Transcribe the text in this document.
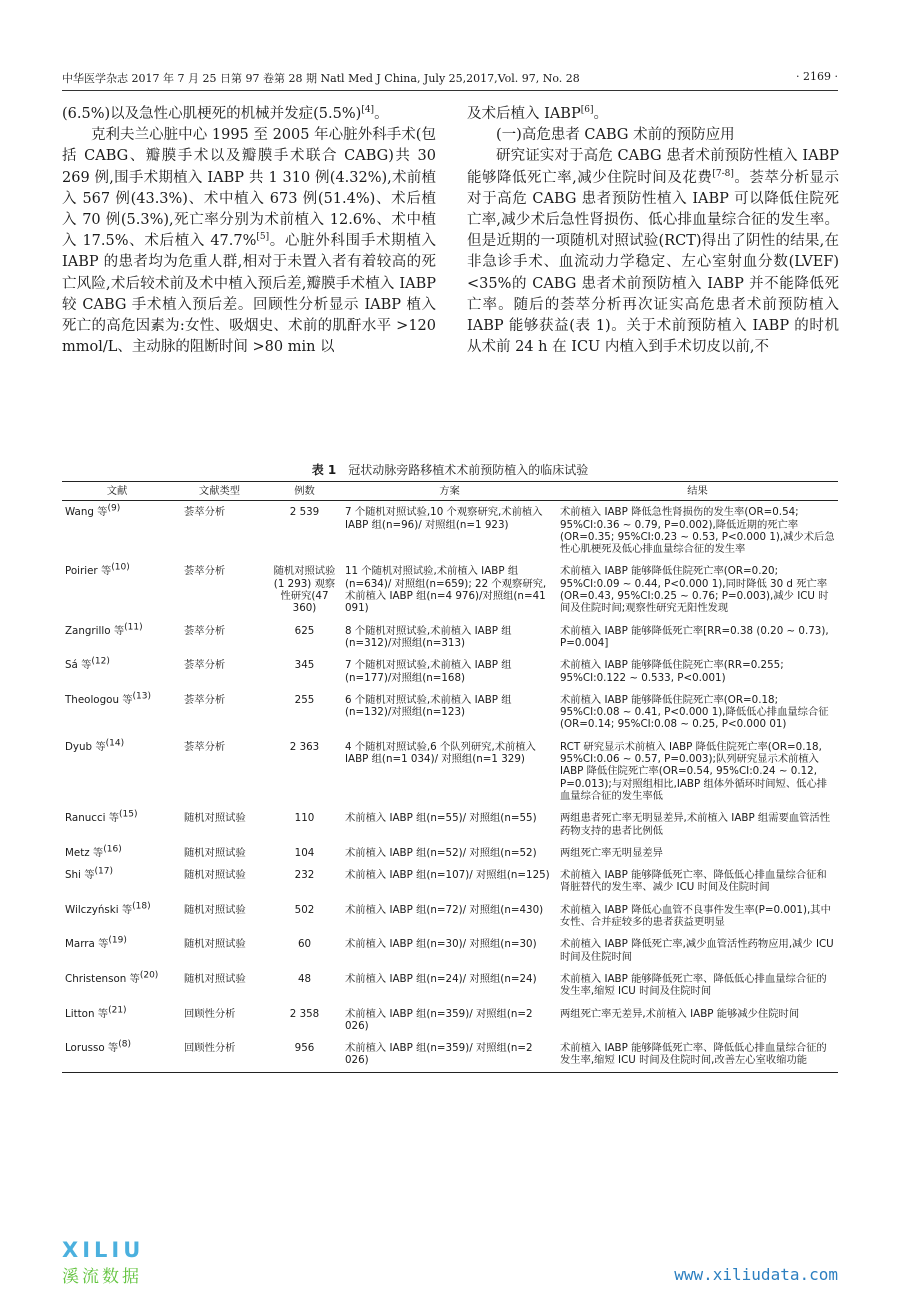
中华医学杂志 2017 年 7 月 25 日第 97 卷第 28 期 Natl Med J China, July 25,2017,Vol. 97, No. 28	· 2169 ·

(6.5%)以及急性心肌梗死的机械并发症(5.5%)[4]。

克利夫兰心脏中心 1995 至 2005 年心脏外科手术(包括 CABG、瓣膜手术以及瓣膜手术联合 CABG)共 30 269 例,围手术期植入 IABP 共 1 310 例(4.32%),术前植入 567 例(43.3%)、术中植入 673 例(51.4%)、术后植入 70 例(5.3%),死亡率分别为术前植入 12.6%、术中植入 17.5%、术后植入 47.7%[5]。心脏外科围手术期植入 IABP 的患者均为危重人群,相对于未置入者有着较高的死亡风险,术后较术前及术中植入预后差,瓣膜手术植入 IABP 较 CABG 手术植入预后差。回顾性分析显示 IABP 植入死亡的高危因素为:女性、吸烟史、术前的肌酐水平 >120 mmol/L、主动脉的阻断时间 >80 min 以

及术后植入 IABP[6]。

(一)高危患者 CABG 术前的预防应用

研究证实对于高危 CABG 患者术前预防性植入 IABP 能够降低死亡率,减少住院时间及花费[7-8]。荟萃分析显示对于高危 CABG 患者预防性植入 IABP 可以降低住院死亡率,减少术后急性肾损伤、低心排血量综合征的发生率。但是近期的一项随机对照试验(RCT)得出了阴性的结果,在非急诊手术、血流动力学稳定、左心室射血分数(LVEF) <35%的 CABG 患者术前预防植入 IABP 并不能降低死亡率。随后的荟萃分析再次证实高危患者术前预防植入 IABP 能够获益(表 1)。关于术前预防植入 IABP 的时机从术前 24 h 在 ICU 内植入到手术切皮以前,不

表 1 冠状动脉旁路移植术术前预防植入的临床试验
文献	文献类型	例数	方案	结果
Wang 等$^{(9)}$	荟萃分析	2 539	7 个随机对照试验,10 个观察研究,术前植入 IABP 组(n=96)/ 对照组(n=1 923)	术前植入 IABP 降低急性肾损伤的发生率(OR=0.54; 95%CI:0.36 ~ 0.79, P=0.002),降低近期的死亡率(OR=0.35; 95%CI:0.23 ~ 0.53, P<0.000 1),减少术后急性心肌梗死及低心排血量综合征的发生率
Poirier 等$^{(10)}$	荟萃分析	随机对照试验(1 293) 观察性研究(47 360)	11 个随机对照试验,术前植入 IABP 组(n=634)/ 对照组(n=659); 22 个观察研究,术前植入 IABP 组(n=4 976)/对照组(n=41 091)	术前植入 IABP 能够降低住院死亡率(OR=0.20; 95%CI:0.09 ~ 0.44, P<0.000 1),同时降低 30 d 死亡率(OR=0.43, 95%CI:0.25 ~ 0.76; P=0.003),减少 ICU 时间及住院时间;观察性研究无阳性发现
Zangrillo 等$^{(11)}$	荟萃分析	625	8 个随机对照试验,术前植入 IABP 组(n=312)/对照组(n=313)	术前植入 IABP 能够降低死亡率[RR=0.38 (0.20 ~ 0.73), P=0.004]
Sá 等$^{(12)}$	荟萃分析	345	7 个随机对照试验,术前植入 IABP 组(n=177)/对照组(n=168)	术前植入 IABP 能够降低住院死亡率(RR=0.255; 95%CI:0.122 ~ 0.533, P<0.001)
Theologou 等$^{(13)}$	荟萃分析	255	6 个随机对照试验,术前植入 IABP 组(n=132)/对照组(n=123)	术前植入 IABP 能够降低住院死亡率(OR=0.18; 95%CI:0.08 ~ 0.41, P<0.000 1),降低低心排血量综合征(OR=0.14; 95%CI:0.08 ~ 0.25, P<0.000 01)
Dyub 等$^{(14)}$	荟萃分析	2 363	4 个随机对照试验,6 个队列研究,术前植入 IABP 组(n=1 034)/ 对照组(n=1 329)	RCT 研究显示术前植入 IABP 降低住院死亡率(OR=0.18, 95%CI:0.06 ~ 0.57, P=0.003);队列研究显示术前植入 IABP 降低住院死亡率(OR=0.54, 95%CI:0.24 ~ 0.12, P=0.013);与对照组相比,IABP 组体外循环时间短、低心排血量综合征的发生率低
Ranucci 等$^{(15)}$	随机对照试验	110	术前植入 IABP 组(n=55)/ 对照组(n=55)	两组患者死亡率无明显差异,术前植入 IABP 组需要血管活性药物支持的患者比例低
Metz 等$^{(16)}$	随机对照试验	104	术前植入 IABP 组(n=52)/ 对照组(n=52)	两组死亡率无明显差异
Shi 等$^{(17)}$	随机对照试验	232	术前植入 IABP 组(n=107)/ 对照组(n=125)	术前植入 IABP 能够降低死亡率、降低低心排血量综合征和肾脏替代的发生率、减少 ICU 时间及住院时间
Wilczyński 等$^{(18)}$	随机对照试验	502	术前植入 IABP 组(n=72)/ 对照组(n=430)	术前植入 IABP 降低心血管不良事件发生率(P=0.001),其中女性、合并症较多的患者获益更明显
Marra 等$^{(19)}$	随机对照试验	60	术前植入 IABP 组(n=30)/ 对照组(n=30)	术前植入 IABP 降低死亡率,减少血管活性药物应用,减少 ICU 时间及住院时间
Christenson 等$^{(20)}$	随机对照试验	48	术前植入 IABP 组(n=24)/ 对照组(n=24)	术前植入 IABP 能够降低死亡率、降低低心排血量综合征的发生率,缩短 ICU 时间及住院时间
Litton 等$^{(21)}$	回顾性分析	2 358	术前植入 IABP 组(n=359)/ 对照组(n=2 026)	两组死亡率无差异,术前植入 IABP 能够减少住院时间
Lorusso 等$^{(8)}$	回顾性分析	956	术前植入 IABP 组(n=359)/ 对照组(n=2 026)	术前植入 IABP 能够降低死亡率、降低低心排血量综合征的发生率,缩短 ICU 时间及住院时间,改善左心室收缩功能
XILIU
溪流数据	www.xiliudata.com
